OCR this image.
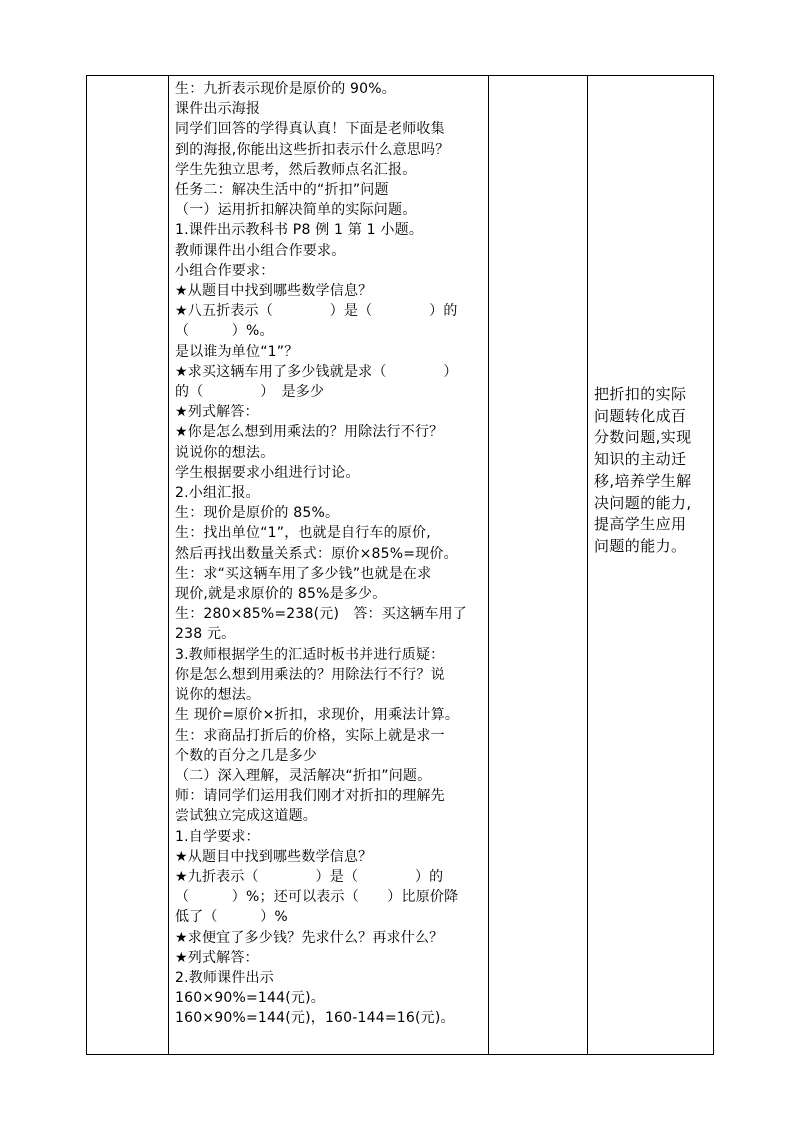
生：九折表示现价是原价的 90%。
课件出示海报
同学们回答的学得真认真！下面是老师收集
到的海报,你能出这些折扣表示什么意思吗？
学生先独立思考，然后教师点名汇报。
任务二：解决生活中的“折扣”问题
（一）运用折扣解决简单的实际问题。
1.课件出示教科书 P8 例 1 第 1 小题。
教师课件出小组合作要求。
小组合作要求：
★从题目中找到哪些数学信息？
★八五折表示（　　　　）是（　　　　）的
（　　　）%。
是以谁为单位“1”？
★求买这辆车用了多少钱就是求（　　　　）
的（　　　　）　是多少
★列式解答：
★你是怎么想到用乘法的？用除法行不行？
说说你的想法。
学生根据要求小组进行讨论。
2.小组汇报。
生：现价是原价的 85%。
生：找出单位“1”，也就是自行车的原价,
然后再找出数量关系式：原价×85%=现价。
生：求“买这辆车用了多少钱”也就是在求
现价,就是求原价的 85%是多少。
生：280×85%=238(元)　答：买这辆车用了
238 元。
3.教师根据学生的汇适时板书并进行质疑：
你是怎么想到用乘法的？用除法行不行？说
说你的想法。
生 现价=原价×折扣，求现价，用乘法计算。
生：求商品打折后的价格，实际上就是求一
个数的百分之几是多少
（二）深入理解，灵活解决“折扣”问题。
师：请同学们运用我们刚才对折扣的理解先
尝试独立完成这道题。
1.自学要求：
★从题目中找到哪些数学信息？
★九折表示（　　　　）是（　　　　）的
（　　　）%；还可以表示（　　）比原价降
低了（　　　）%
★求便宜了多少钱？先求什么？再求什么？
★列式解答：
2.教师课件出示
160×90%=144(元)。
160×90%=144(元)，160-144=16(元)。

把折扣的实际
问题转化成百
分数问题,实现
知识的主动迁
移,培养学生解
决问题的能力,
提高学生应用
问题的能力。
